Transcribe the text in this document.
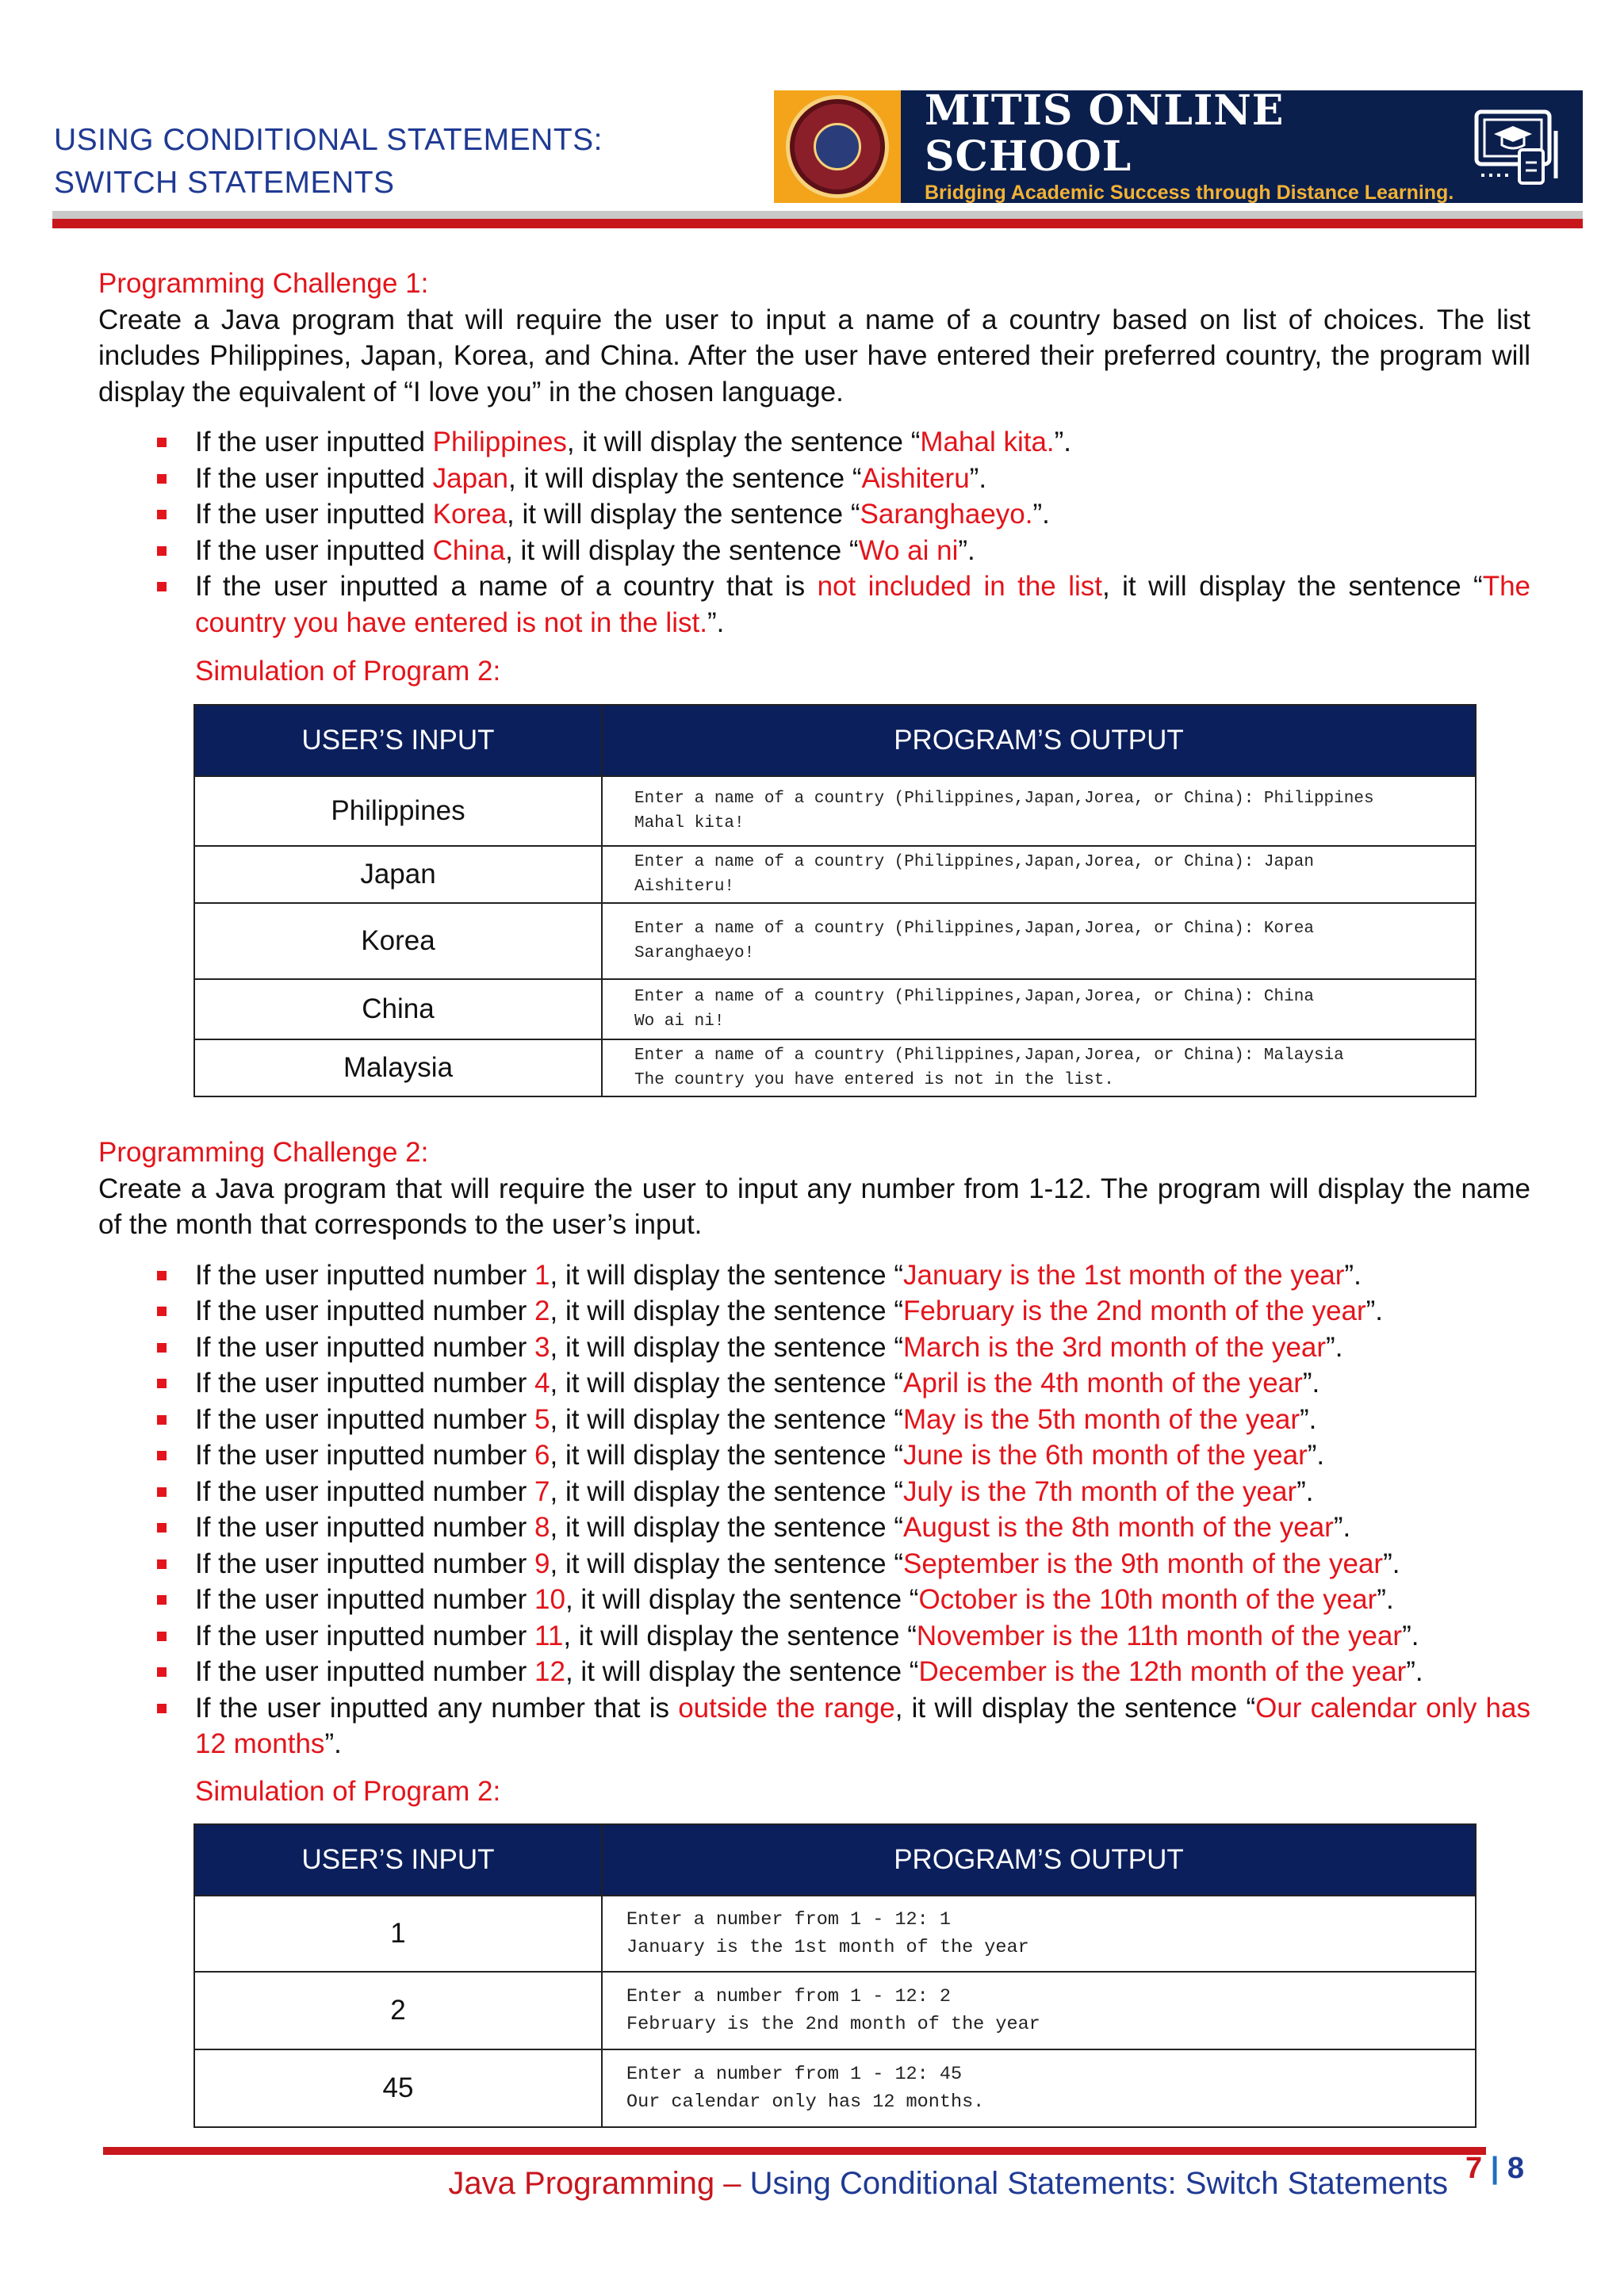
USING CONDITIONAL STATEMENTS:
SWITCH STATEMENTS
MITIS ONLINE SCHOOL
Bridging Academic Success through Distance Learning.
Programming Challenge 1:
Create a Java program that will require the user to input a name of a country based on list of choices. The list includes Philippines, Japan, Korea, and China. After the user have entered their preferred country, the program will display the equivalent of “I love you” in the chosen language.
If the user inputted Philippines, it will display the sentence “Mahal kita.”.
If the user inputted Japan, it will display the sentence “Aishiteru”.
If the user inputted Korea, it will display the sentence “Saranghaeyo.”.
If the user inputted China, it will display the sentence “Wo ai ni”.
If the user inputted a name of a country that is not included in the list, it will display the sentence “The country you have entered is not in the list.”.
Simulation of Program 2:
USER’S INPUT	PROGRAM’S OUTPUT
Philippines	Enter a name of a country (Philippines,Japan,Jorea, or China): Philippines
Mahal kita!

Japan	Enter a name of a country (Philippines,Japan,Jorea, or China): Japan
Aishiteru!

Korea	Enter a name of a country (Philippines,Japan,Jorea, or China): Korea
Saranghaeyo!

China	Enter a name of a country (Philippines,Japan,Jorea, or China): China
Wo ai ni!

Malaysia	Enter a name of a country (Philippines,Japan,Jorea, or China): Malaysia
The country you have entered is not in the list.
Programming Challenge 2:
Create a Java program that will require the user to input any number from 1-12. The program will display the name of the month that corresponds to the user’s input.
If the user inputted number 1, it will display the sentence “January is the 1st month of the year”.
If the user inputted number 2, it will display the sentence “February is the 2nd month of the year”.
If the user inputted number 3, it will display the sentence “March is the 3rd month of the year”.
If the user inputted number 4, it will display the sentence “April is the 4th month of the year”.
If the user inputted number 5, it will display the sentence “May is the 5th month of the year”.
If the user inputted number 6, it will display the sentence “June is the 6th month of the year”.
If the user inputted number 7, it will display the sentence “July is the 7th month of the year”.
If the user inputted number 8, it will display the sentence “August is the 8th month of the year”.
If the user inputted number 9, it will display the sentence “September is the 9th month of the year”.
If the user inputted number 10, it will display the sentence “October is the 10th month of the year”.
If the user inputted number 11, it will display the sentence “November is the 11th month of the year”.
If the user inputted number 12, it will display the sentence “December is the 12th month of the year”.
If the user inputted any number that is outside the range, it will display the sentence “Our calendar only has 12 months”.
Simulation of Program 2:
USER’S INPUT	PROGRAM’S OUTPUT
1	Enter a number from 1 - 12: 1
January is the 1st month of the year

2	Enter a number from 1 - 12: 2
February is the 2nd month of the year

45	Enter a number from 1 - 12: 45
Our calendar only has 12 months.
Java Programming – Using Conditional Statements: Switch Statements 7 | 8
